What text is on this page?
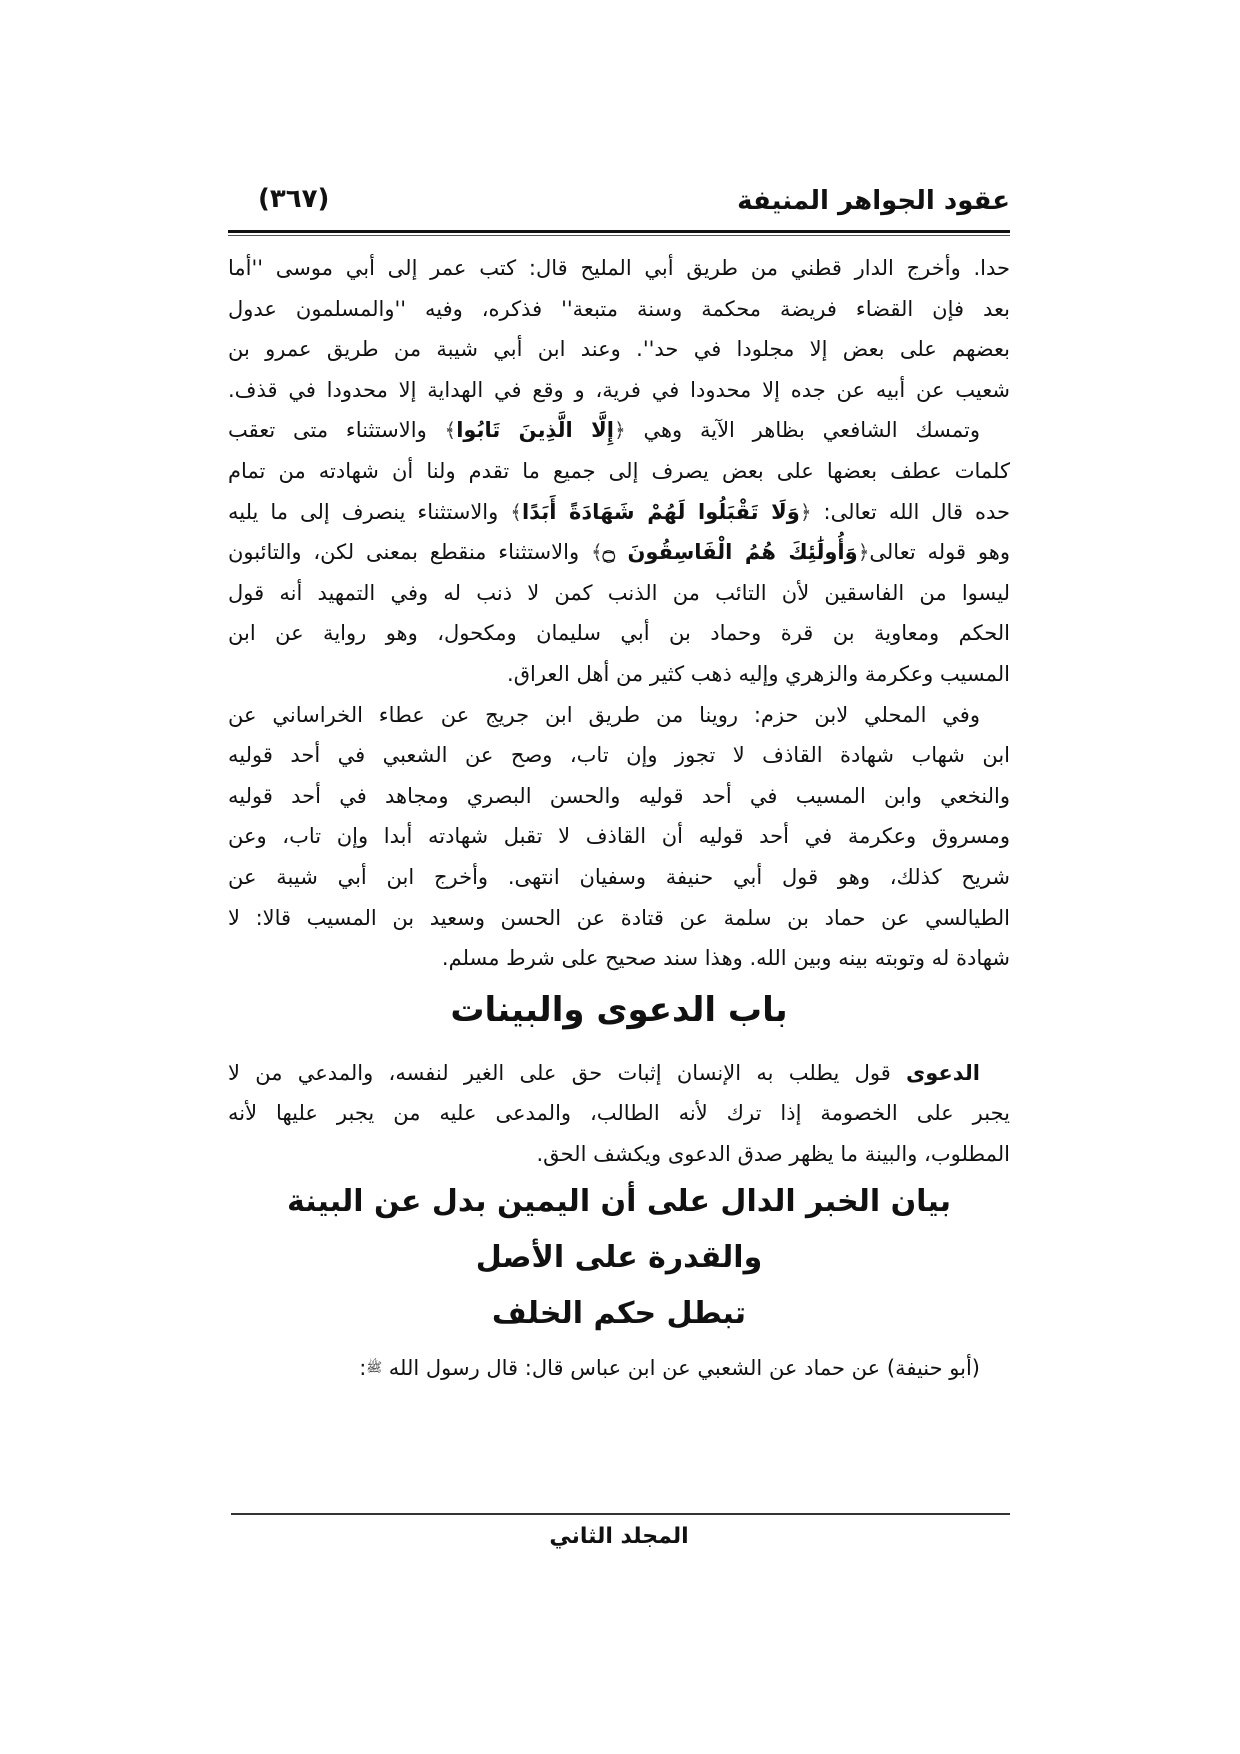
عقود الجواهر المنيفة
(٣٦٧)
حدا. وأخرج الدار قطني من طريق أبي المليح قال: كتب عمر إلى أبي موسى ''أما
بعد فإن القضاء فريضة محكمة وسنة متبعة'' فذكره، وفيه ''والمسلمون عدول
بعضهم على بعض إلا مجلودا في حد''. وعند ابن أبي شيبة من طريق عمرو بن
شعيب عن أبيه عن جده إلا محدودا في فرية، و وقع في الهداية إلا محدودا في قذف.
وتمسك الشافعي بظاهر الآية وهي ﴿إِلَّا الَّذِينَ تَابُوا﴾ والاستثناء متى تعقب
كلمات عطف بعضها على بعض يصرف إلى جميع ما تقدم ولنا أن شهادته من تمام
حده قال الله تعالى: ﴿وَلَا تَقْبَلُوا لَهُمْ شَهَادَةً أَبَدًا﴾ والاستثناء ينصرف إلى ما يليه
وهو قوله تعالى﴿وَأُولَٰئِكَ هُمُ الْفَاسِقُونَ ۝﴾ والاستثناء منقطع بمعنى لكن، والتائبون
ليسوا من الفاسقين لأن التائب من الذنب كمن لا ذنب له وفي التمهيد أنه قول
الحكم ومعاوية بن قرة وحماد بن أبي سليمان ومكحول، وهو رواية عن ابن
المسيب وعكرمة والزهري وإليه ذهب كثير من أهل العراق.
وفي المحلي لابن حزم: روينا من طريق ابن جريج عن عطاء الخراساني عن
ابن شهاب شهادة القاذف لا تجوز وإن تاب، وصح عن الشعبي في أحد قوليه
والنخعي وابن المسيب في أحد قوليه والحسن البصري ومجاهد في أحد قوليه
ومسروق وعكرمة في أحد قوليه أن القاذف لا تقبل شهادته أبدا وإن تاب، وعن
شريح كذلك، وهو قول أبي حنيفة وسفيان انتهى. وأخرج ابن أبي شيبة عن
الطيالسي عن حماد بن سلمة عن قتادة عن الحسن وسعيد بن المسيب قالا: لا
شهادة له وتوبته بينه وبين الله. وهذا سند صحيح على شرط مسلم.
باب الدعوى والبينات
الدعوى قول يطلب به الإنسان إثبات حق على الغير لنفسه، والمدعي من لا
يجبر على الخصومة إذا ترك لأنه الطالب، والمدعى عليه من يجبر عليها لأنه
المطلوب، والبينة ما يظهر صدق الدعوى ويكشف الحق.

بيان الخبر الدال على أن اليمين بدل عن البينة والقدرة على الأصل

تبطل حكم الخلف

(أبو حنيفة) عن حماد عن الشعبي عن ابن عباس قال: قال رسول الله ﷺ:
المجلد الثاني
